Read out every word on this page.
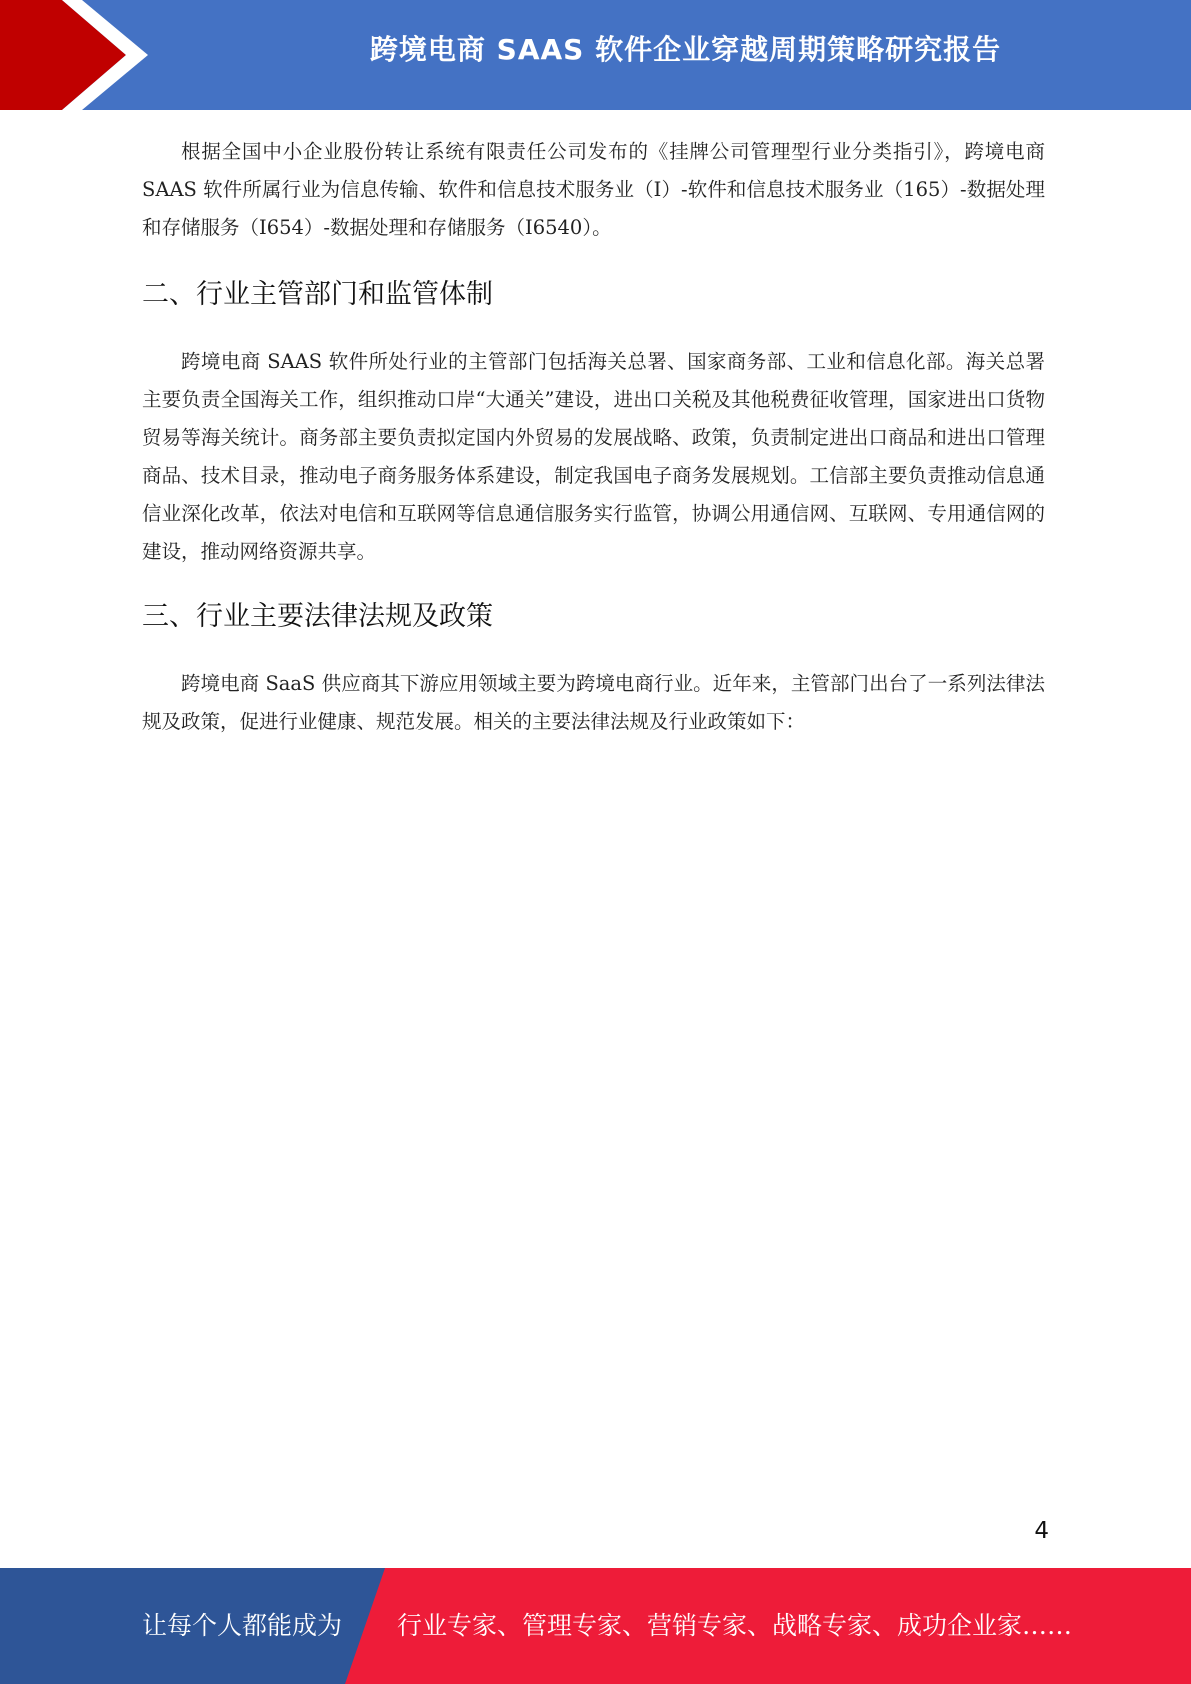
跨境电商 SAAS 软件企业穿越周期策略研究报告

根据全国中小企业股份转让系统有限责任公司发布的《挂牌公司管理型行业分类指引》，跨境电商 SAAS 软件所属行业为信息传输、软件和信息技术服务业（I）-软件和信息技术服务业（165）-数据处理和存储服务（I654）-数据处理和存储服务（I6540）。

二、行业主管部门和监管体制

跨境电商 SAAS 软件所处行业的主管部门包括海关总署、国家商务部、工业和信息化部。海关总署主要负责全国海关工作，组织推动口岸“大通关”建设，进出口关税及其他税费征收管理，国家进出口货物贸易等海关统计。商务部主要负责拟定国内外贸易的发展战略、政策，负责制定进出口商品和进出口管理商品、技术目录，推动电子商务服务体系建设，制定我国电子商务发展规划。工信部主要负责推动信息通信业深化改革，依法对电信和互联网等信息通信服务实行监管，协调公用通信网、互联网、专用通信网的建设，推动网络资源共享。

三、行业主要法律法规及政策

跨境电商 SaaS 供应商其下游应用领域主要为跨境电商行业。近年来，主管部门出台了一系列法律法规及政策，促进行业健康、规范发展。相关的主要法律法规及行业政策如下：

4
让每个人都能成为 行业专家、管理专家、营销专家、战略专家、成功企业家……
